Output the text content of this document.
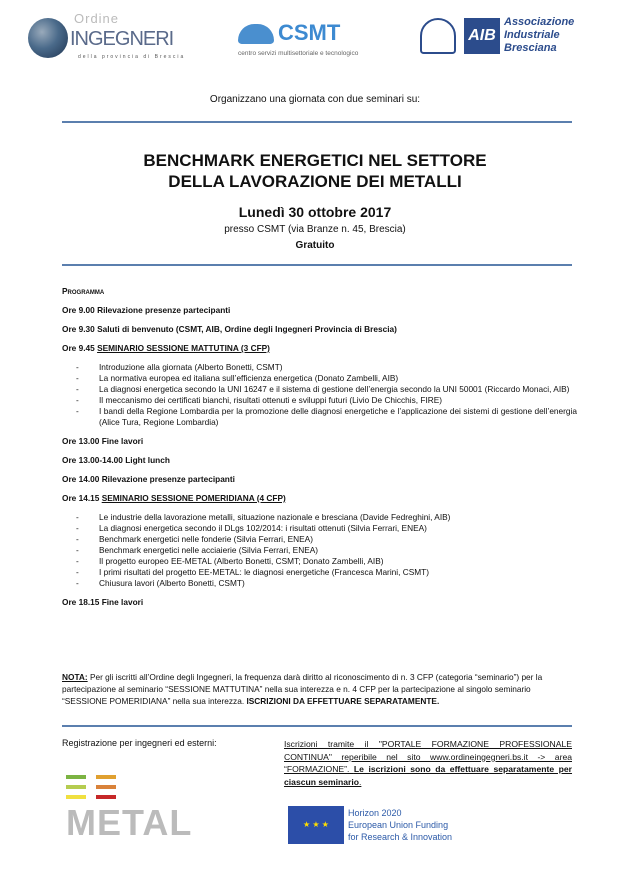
Ordine
INGEGNERI
della provincia di Brescia
CSMT
centro servizi multisettoriale e tecnologico
AIB
Associazione
Industriale
Bresciana
Organizzano una giornata con due seminari su:
BENCHMARK ENERGETICI NEL SETTORE
DELLA LAVORAZIONE DEI METALLI
Lunedì 30 ottobre 2017
presso CSMT (via Branze n. 45, Brescia)
Gratuito
Programma
Ore 9.00 Rilevazione presenze partecipanti
Ore 9.30 Saluti di benvenuto (CSMT, AIB, Ordine degli Ingegneri Provincia di Brescia)
Ore 9.45 SEMINARIO SESSIONE MATTUTINA (3 CFP)
- Introduzione alla giornata (Alberto Bonetti, CSMT)
- La normativa europea ed italiana sull’efficienza energetica (Donato Zambelli, AIB)
- La diagnosi energetica secondo la UNI 16247 e il sistema di gestione dell’energia secondo la UNI 50001 (Riccardo Monaci, AIB)
- Il meccanismo dei certificati bianchi, risultati ottenuti e sviluppi futuri (Livio De Chicchis, FIRE)
- I bandi della Regione Lombardia per la promozione delle diagnosi energetiche e l’applicazione dei sistemi di gestione dell’energia (Alice Tura, Regione Lombardia)
Ore 13.00 Fine lavori
Ore 13.00-14.00 Light lunch
Ore 14.00 Rilevazione presenze partecipanti
Ore 14.15 SEMINARIO SESSIONE POMERIDIANA (4 CFP)
- Le industrie della lavorazione metalli, situazione nazionale e bresciana (Davide Fedreghini, AIB)
- La diagnosi energetica secondo il DLgs 102/2014: i risultati ottenuti (Silvia Ferrari, ENEA)
- Benchmark energetici nelle fonderie (Silvia Ferrari, ENEA)
- Benchmark energetici nelle acciaierie (Silvia Ferrari, ENEA)
- Il progetto europeo EE-METAL (Alberto Bonetti, CSMT; Donato Zambelli, AIB)
- I primi risultati del progetto EE-METAL: le diagnosi energetiche (Francesca Marini, CSMT)
- Chiusura lavori (Alberto Bonetti, CSMT)
Ore 18.15 Fine lavori
NOTA: Per gli iscritti all’Ordine degli Ingegneri, la frequenza darà diritto al riconoscimento di n. 3 CFP (categoria “seminario”) per la partecipazione al seminario “SESSIONE MATTUTINA” nella sua interezza e n. 4 CFP per la partecipazione al singolo seminario “SESSIONE POMERIDIANA” nella sua interezza. ISCRIZIONI DA EFFETTUARE SEPARATAMENTE.
Registrazione per ingegneri ed esterni:	Iscrizioni tramite il "PORTALE FORMAZIONE PROFESSIONALE CONTINUA" reperibile nel sito www.ordineingegneri.bs.it -> area “FORMAZIONE”. Le iscrizioni sono da effettuare separatamente per ciascun seminario.
METAL	★ ★ ★
Horizon 2020
European Union Funding
for Research & Innovation
